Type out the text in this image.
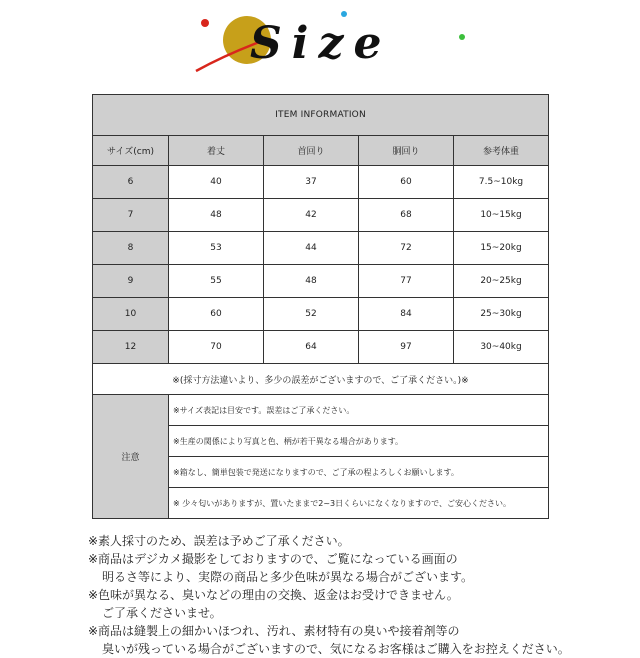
Size
ITEM INFORMATION				
サイズ(cm)	着丈	首回り	胴回り	参考体重
6	40	37	60	7.5~10kg
7	48	42	68	10~15kg
8	53	44	72	15~20kg
9	55	48	77	20~25kg
10	60	52	84	25~30kg
12	70	64	97	30~40kg
※(採寸方法違いより、多少の誤差がございますので、ご了承ください。)※				
注意	※サイズ表記は目安です。誤差はご了承ください。			
	※生産の関係により写真と色、柄が若干異なる場合があります。			
	※箱なし、簡単包装で発送になりますので、ご了承の程よろしくお願いします。			
	※ 少々匂いがありますが、置いたままで2~3日くらいになくなりますので、ご安心ください。			
※素人採寸のため、誤差は予めご了承ください。
※商品はデジカメ撮影をしておりますので、ご覧になっている画面の
明るさ等により、実際の商品と多少色味が異なる場合がございます。
※色味が異なる、臭いなどの理由の交換、返金はお受けできません。
ご了承くださいませ。
※商品は縫製上の細かいほつれ、汚れ、素材特有の臭いや接着剤等の
臭いが残っている場合がございますので、気になるお客様はご購入をお控えください。
